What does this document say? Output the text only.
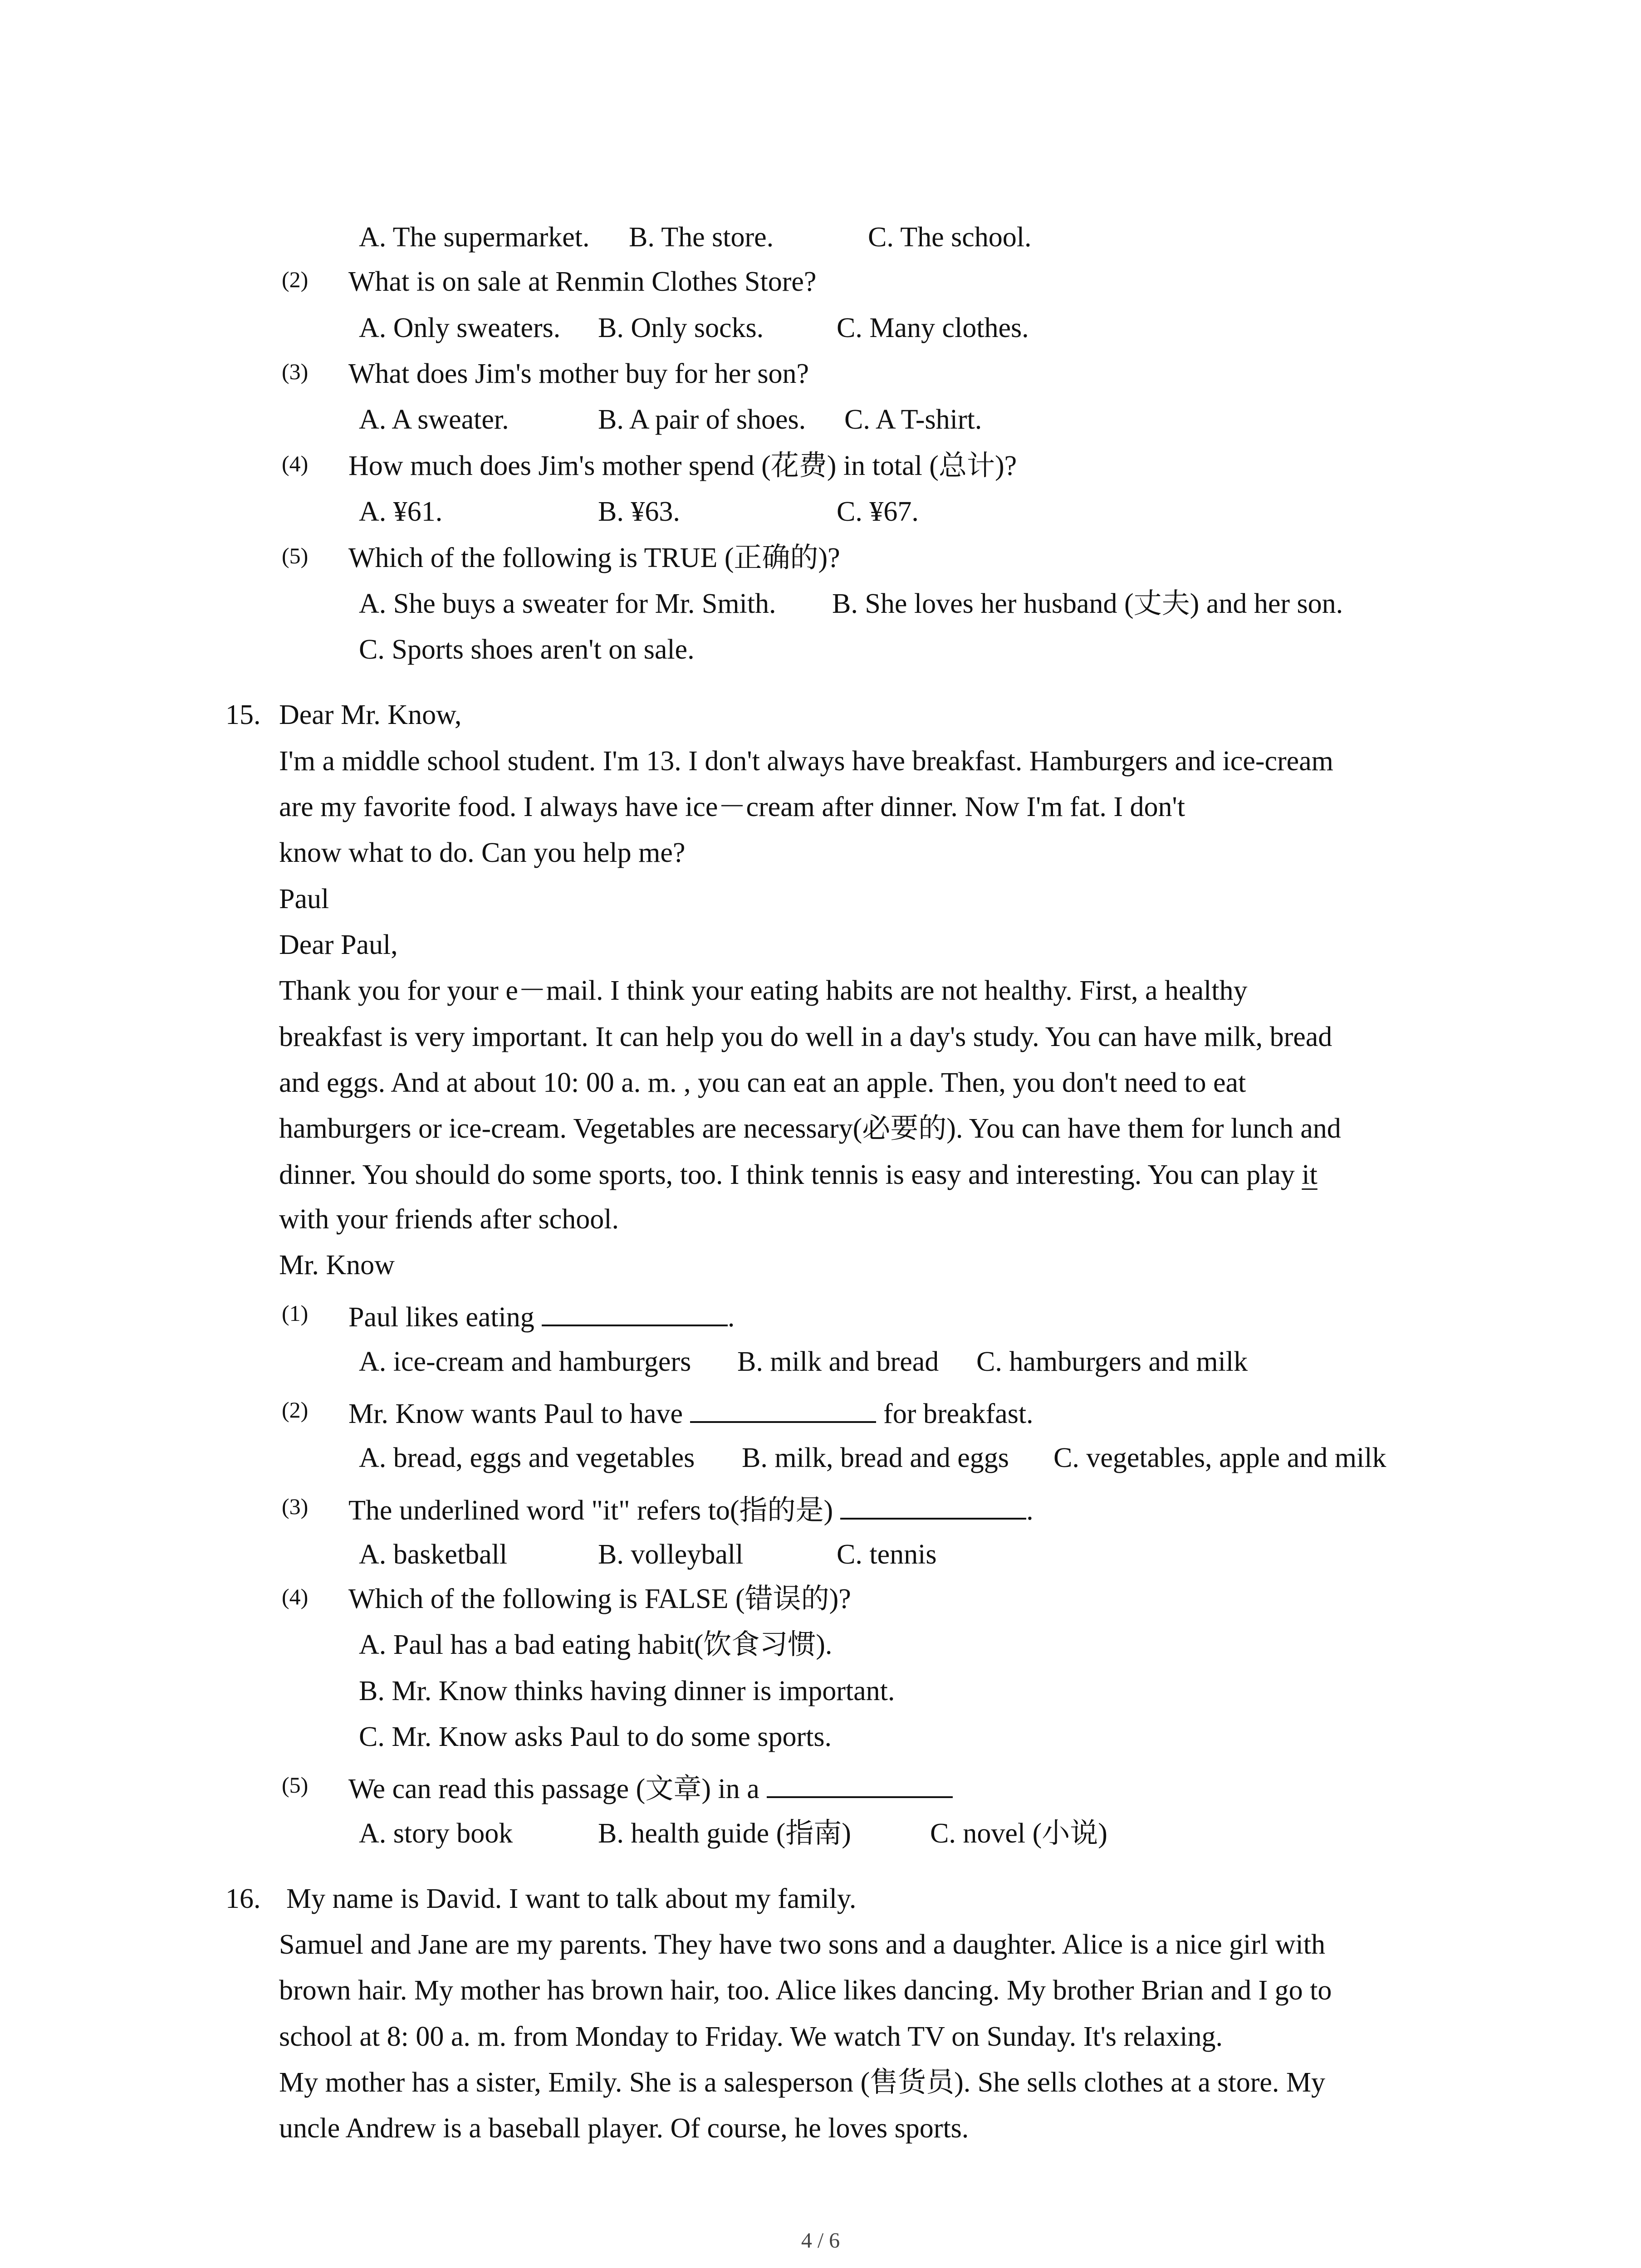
A. The supermarket. B. The store.	C. The school.
(2) What is on sale at Renmin Clothes Store?
A. Only sweaters. B. Only socks.	C. Many clothes.
(3) What does Jim's mother buy for her son?
A. A sweater.	B. A pair of shoes. C. A T-shirt.
(4) How much does Jim's mother spend (花费) in total (总计)?
A. ¥61.	B. ¥63.	C. ¥67.
(5) Which of the following is TRUE (正确的)?
A. She buys a sweater for Mr. Smith. B. She loves her husband (丈夫) and her son.
C. Sports shoes aren't on sale.
15. Dear Mr. Know,
I'm a middle school student. I'm 13. I don't always have breakfast. Hamburgers and ice-cream
are my favorite food. I always have ice－cream after dinner. Now I'm fat. I don't
know what to do. Can you help me?
Paul
Dear Paul,
Thank you for your e－mail. I think your eating habits are not healthy. First, a healthy
breakfast is very important. It can help you do well in a day's study. You can have milk, bread
and eggs. And at about 10: 00 a. m. , you can eat an apple. Then, you don't need to eat
hamburgers or ice-cream. Vegetables are necessary(必要的). You can have them for lunch and
dinner. You should do some sports, too. I think tennis is easy and interesting. You can play it
with your friends after school.
Mr. Know
(1) Paul likes eating	.
A. ice-cream and hamburgers B. milk and bread C. hamburgers and milk
(2) Mr. Know wants Paul to have	for breakfast.
A. bread, eggs and vegetables B. milk, bread and eggs C. vegetables, apple and milk
(3) The underlined word "it" refers to(指的是)	.
A. basketball	B. volleyball	C. tennis
(4) Which of the following is FALSE (错误的)?
A. Paul has a bad eating habit(饮食习惯).
B. Mr. Know thinks having dinner is important.
C. Mr. Know asks Paul to do some sports.
(5) We can read this passage (文章) in a
A. story book	B. health guide (指南)	C. novel (小说)
16. My name is David. I want to talk about my family.
Samuel and Jane are my parents. They have two sons and a daughter. Alice is a nice girl with
brown hair. My mother has brown hair, too. Alice likes dancing. My brother Brian and I go to
school at 8: 00 a. m. from Monday to Friday. We watch TV on Sunday. It's relaxing.
My mother has a sister, Emily. She is a salesperson (售货员). She sells clothes at a store. My
uncle Andrew is a baseball player. Of course, he loves sports.
4 / 6
